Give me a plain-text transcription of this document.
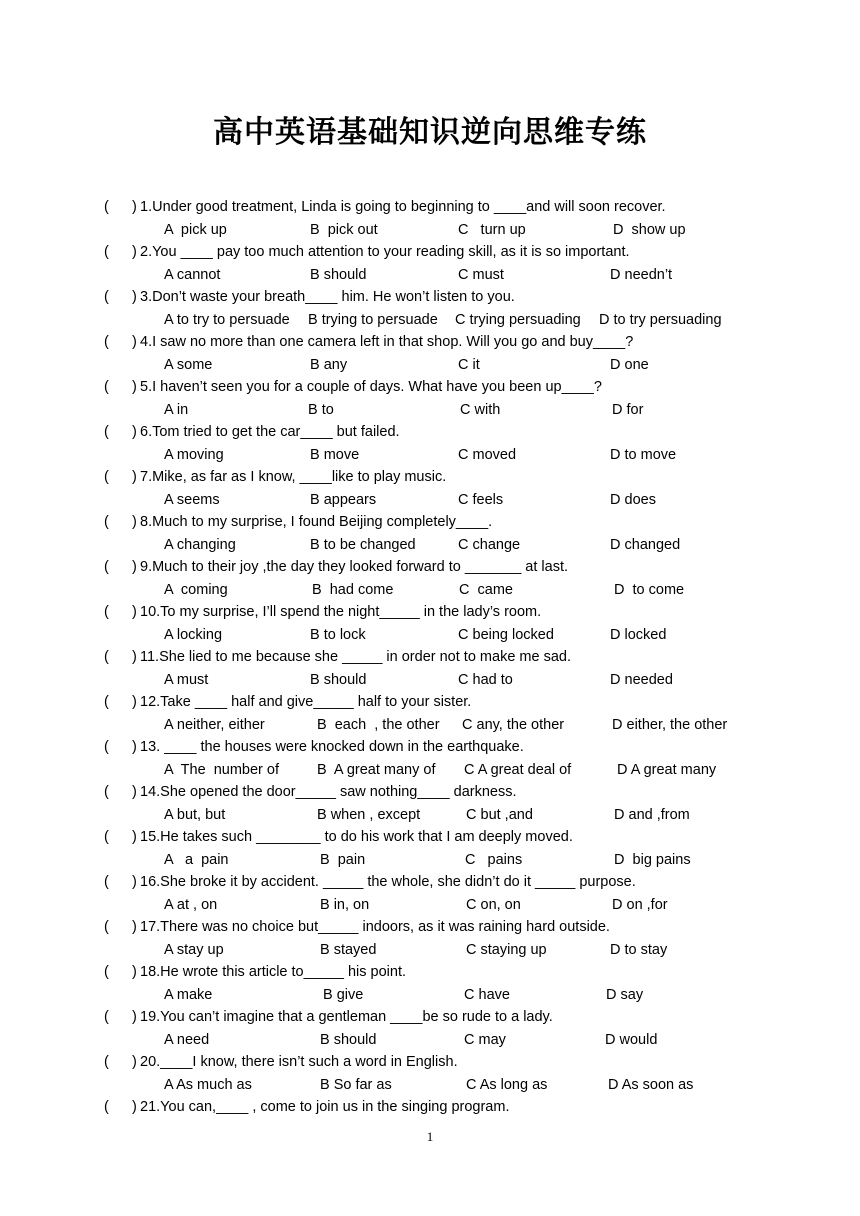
高中英语基础知识逆向思维专练
( ) 1.Under good treatment, Linda is going to beginning to ____and will soon recover.
A  pick up	B  pick out	C   turn up	D  show up
( ) 2.You ____ pay too much attention to your reading skill, as it is so important.
A cannot	B should	C must	D needn’t
( ) 3.Don’t waste your breath____ him. He won’t listen to you.
A to try to persuade B trying to persuade C trying persuading D to try persuading
( ) 4.I saw no more than one camera left in that shop. Will you go and buy____?
A some	B any	C it	D one
( ) 5.I haven’t seen you for a couple of days. What have you been up____?
A in	B to	C with	D for
( ) 6.Tom tried to get the car____ but failed.
A moving	B move	C moved	D to move
( ) 7.Mike, as far as I know, ____like to play music.
A seems	B appears	C feels	D does
( ) 8.Much to my surprise, I found Beijing completely____.
A changing	B to be changed	C change	D changed
( ) 9.Much to their joy ,the day they looked forward to _______ at last.
A  coming	B  had come	C  came	D  to come
( ) 10.To my surprise, I’ll spend the night_____ in the lady’s room.
A locking	B to lock	C being locked	D locked
( ) 11.She lied to me because she _____ in order not to make me sad.
A must	B should	C had to	D needed
( ) 12.Take ____ half and give_____ half to your sister.
A neither, either	B  each  , the other C any, the other	D either, the other
( ) 13. ____ the houses were knocked down in the earthquake.
A  The  number of	B  A great many of C A great deal of	D A great many
( ) 14.She opened the door_____ saw nothing____ darkness.
A but, but	B when , except	C but ,and	D and ,from
( ) 15.He takes such ________ to do his work that I am deeply moved.
A   a  pain	B  pain	C   pains	D  big pains
( ) 16.She broke it by accident. _____ the whole, she didn’t do it _____ purpose.
A at , on	B in, on	C on, on	D on ,for
( ) 17.There was no choice but_____ indoors, as it was raining hard outside.
A stay up	B stayed	C staying up	D to stay
( ) 18.He wrote this article to_____ his point.
A make	B give	C have	D say
( ) 19.You can’t imagine that a gentleman ____be so rude to a lady.
A need	B should	C may	D would
( ) 20.____I know, there isn’t such a word in English.
A As much as	B So far as	C As long as	D As soon as
( ) 21.You can,____ , come to join us in the singing program.
1
